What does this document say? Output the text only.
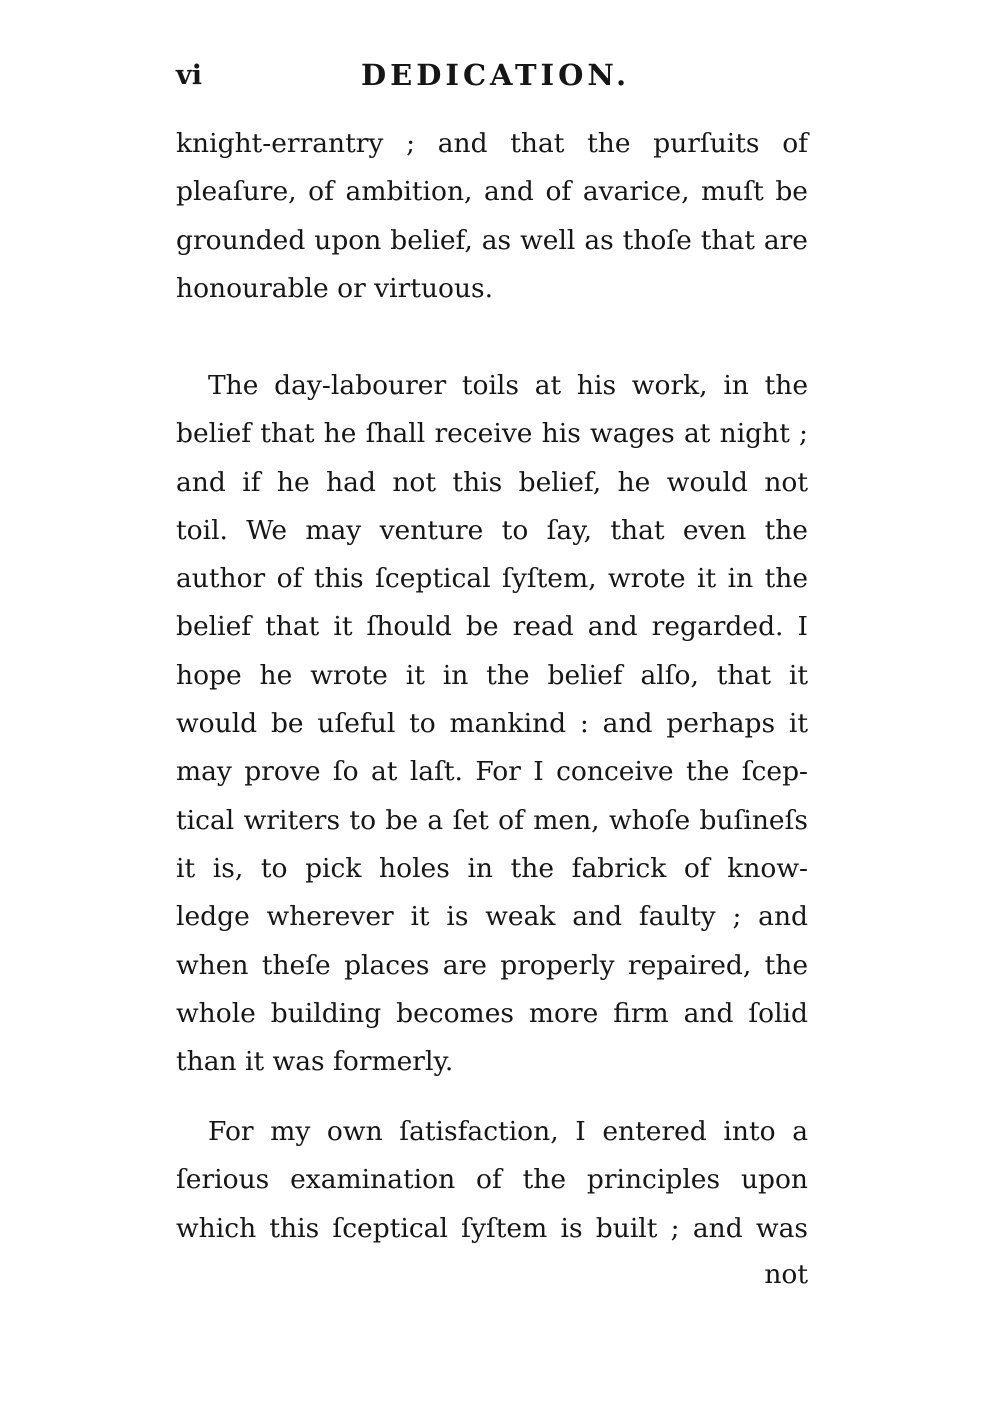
vi	DEDICATION.
knight-errantry ; and that the purſuits of
pleaſure, of ambition, and of avarice, muſt be
grounded upon belief, as well as thoſe that are
honourable or virtuous.
The day-labourer toils at his work, in the
belief that he ſhall receive his wages at night ;
and if he had not this belief, he would not
toil. We may venture to ſay, that even the
author of this ſceptical ſyſtem, wrote it in the
belief that it ſhould be read and regarded. I
hope he wrote it in the belief alſo, that it
would be uſeful to mankind : and perhaps it
may prove ſo at laſt. For I conceive the ſcep-
tical writers to be a ſet of men, whoſe buſineſs
it is, to pick holes in the fabrick of know-
ledge wherever it is weak and faulty ; and
when theſe places are properly repaired, the
whole building becomes more firm and ſolid
than it was formerly.
For my own ſatisfaction, I entered into a
ſerious examination of the principles upon
which this ſceptical ſyſtem is built ; and was
not
